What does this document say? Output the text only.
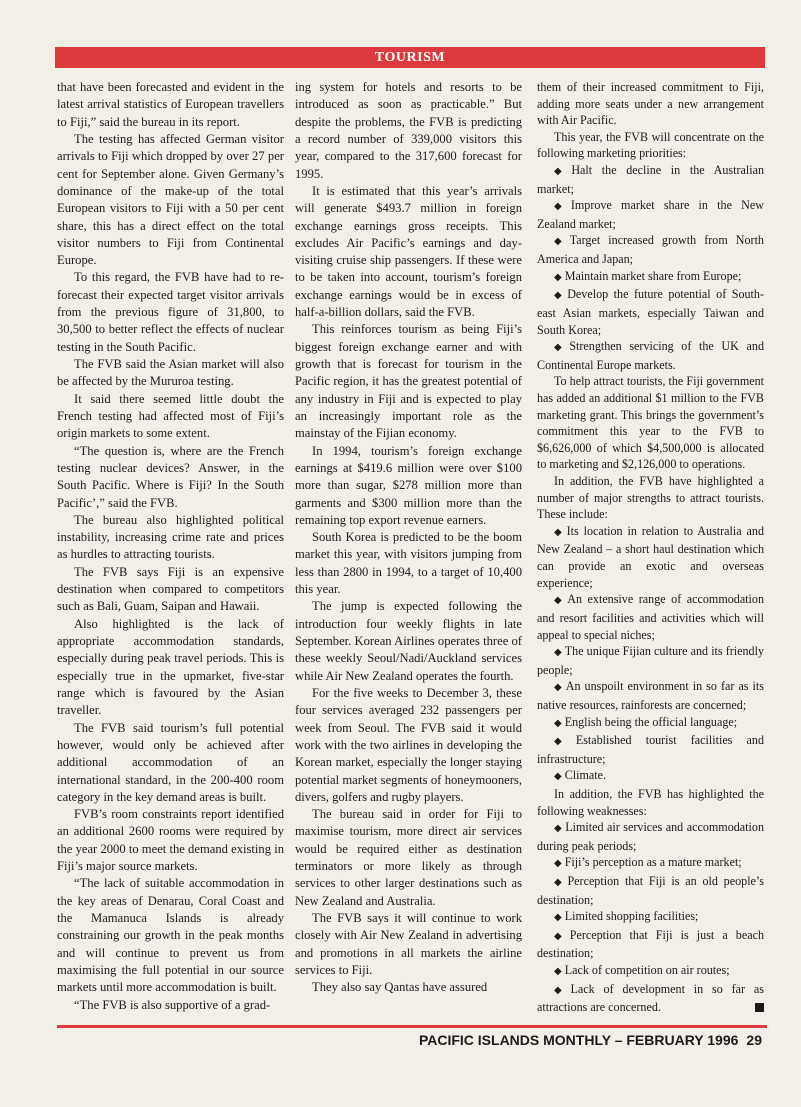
TOURISM

that have been forecasted and evident in the latest arrival statistics of European travellers to Fiji,” said the bureau in its report.

The testing has affected German visitor arrivals to Fiji which dropped by over 27 per cent for September alone. Given Germany’s dominance of the make-up of the total European visitors to Fiji with a 50 per cent share, this has a direct effect on the total visitor numbers to Fiji from Continental Europe.

To this regard, the FVB have had to re-forecast their expected target visitor arrivals from the previous figure of 31,800, to 30,500 to better reflect the effects of nuclear testing in the South Pacific.

The FVB said the Asian market will also be affected by the Mururoa testing.

It said there seemed little doubt the French testing had affected most of Fiji’s origin markets to some extent.

“The question is, where are the French testing nuclear devices? Answer, in the South Pacific. Where is Fiji? In the South Pacific’,” said the FVB.

The bureau also highlighted political instability, increasing crime rate and prices as hurdles to attracting tourists.

The FVB says Fiji is an expensive destination when compared to competitors such as Bali, Guam, Saipan and Hawaii.

Also highlighted is the lack of appropriate accommodation standards, especially during peak travel periods. This is especially true in the upmarket, five-star range which is favoured by the Asian traveller.

The FVB said tourism’s full potential however, would only be achieved after additional accommodation of an international standard, in the 200-400 room category in the key demand areas is built.

FVB’s room constraints report identified an additional 2600 rooms were required by the year 2000 to meet the demand existing in Fiji’s major source markets.

“The lack of suitable accommodation in the key areas of Denarau, Coral Coast and the Mamanuca Islands is already constraining our growth in the peak months and will continue to prevent us from maximising the full potential in our source markets until more accommodation is built.

“The FVB is also supportive of a grad-

ing system for hotels and resorts to be introduced as soon as practicable.” But despite the problems, the FVB is predicting a record number of 339,000 visitors this year, compared to the 317,600 forecast for 1995.

It is estimated that this year’s arrivals will generate $493.7 million in foreign exchange earnings gross receipts. This excludes Air Pacific’s earnings and day-visiting cruise ship passengers. If these were to be taken into account, tourism’s foreign exchange earnings would be in excess of half-a-billion dollars, said the FVB.

This reinforces tourism as being Fiji’s biggest foreign exchange earner and with growth that is forecast for tourism in the Pacific region, it has the greatest potential of any industry in Fiji and is expected to play an increasingly important role as the mainstay of the Fijian economy.

In 1994, tourism’s foreign exchange earnings at $419.6 million were over $100 more than sugar, $278 million more than garments and $300 million more than the remaining top export revenue earners.

South Korea is predicted to be the boom market this year, with visitors jumping from less than 2800 in 1994, to a target of 10,400 this year.

The jump is expected following the introduction four weekly flights in late September. Korean Airlines operates three of these weekly Seoul/Nadi/Auckland services while Air New Zealand operates the fourth.

For the five weeks to December 3, these four services averaged 232 passengers per week from Seoul. The FVB said it would work with the two airlines in developing the Korean market, especially the longer staying potential market segments of honeymooners, divers, golfers and rugby players.

The bureau said in order for Fiji to maximise tourism, more direct air services would be required either as destination terminators or more likely as through services to other larger destinations such as New Zealand and Australia.

The FVB says it will continue to work closely with Air New Zealand in advertising and promotions in all markets the airline services to Fiji.

They also say Qantas have assured

them of their increased commitment to Fiji, adding more seats under a new arrangement with Air Pacific.

This year, the FVB will concentrate on the following marketing priorities:

◆ Halt the decline in the Australian market;

◆ Improve market share in the New Zealand market;

◆ Target increased growth from North America and Japan;

◆ Maintain market share from Europe;

◆ Develop the future potential of South-east Asian markets, especially Taiwan and South Korea;

◆ Strengthen servicing of the UK and Continental Europe markets.

To help attract tourists, the Fiji government has added an additional $1 million to the FVB marketing grant. This brings the government’s commitment this year to the FVB to $6,626,000 of which $4,500,000 is allocated to marketing and $2,126,000 to operations.

In addition, the FVB have highlighted a number of major strengths to attract tourists. These include:

◆ Its location in relation to Australia and New Zealand – a short haul destination which can provide an exotic and overseas experience;

◆ An extensive range of accommodation and resort facilities and activities which will appeal to special niches;

◆ The unique Fijian culture and its friendly people;

◆ An unspoilt environment in so far as its native resources, rainforests are concerned;

◆ English being the official language;

◆ Established tourist facilities and infrastructure;

◆ Climate.

In addition, the FVB has highlighted the following weaknesses:

◆ Limited air services and accommodation during peak periods;

◆ Fiji’s perception as a mature market;

◆ Perception that Fiji is an old people’s destination;

◆ Limited shopping facilities;

◆ Perception that Fiji is just a beach destination;

◆ Lack of competition on air routes;

◆ Lack of development in so far as attractions are concerned.

PACIFIC ISLANDS MONTHLY – FEBRUARY 1996 29
